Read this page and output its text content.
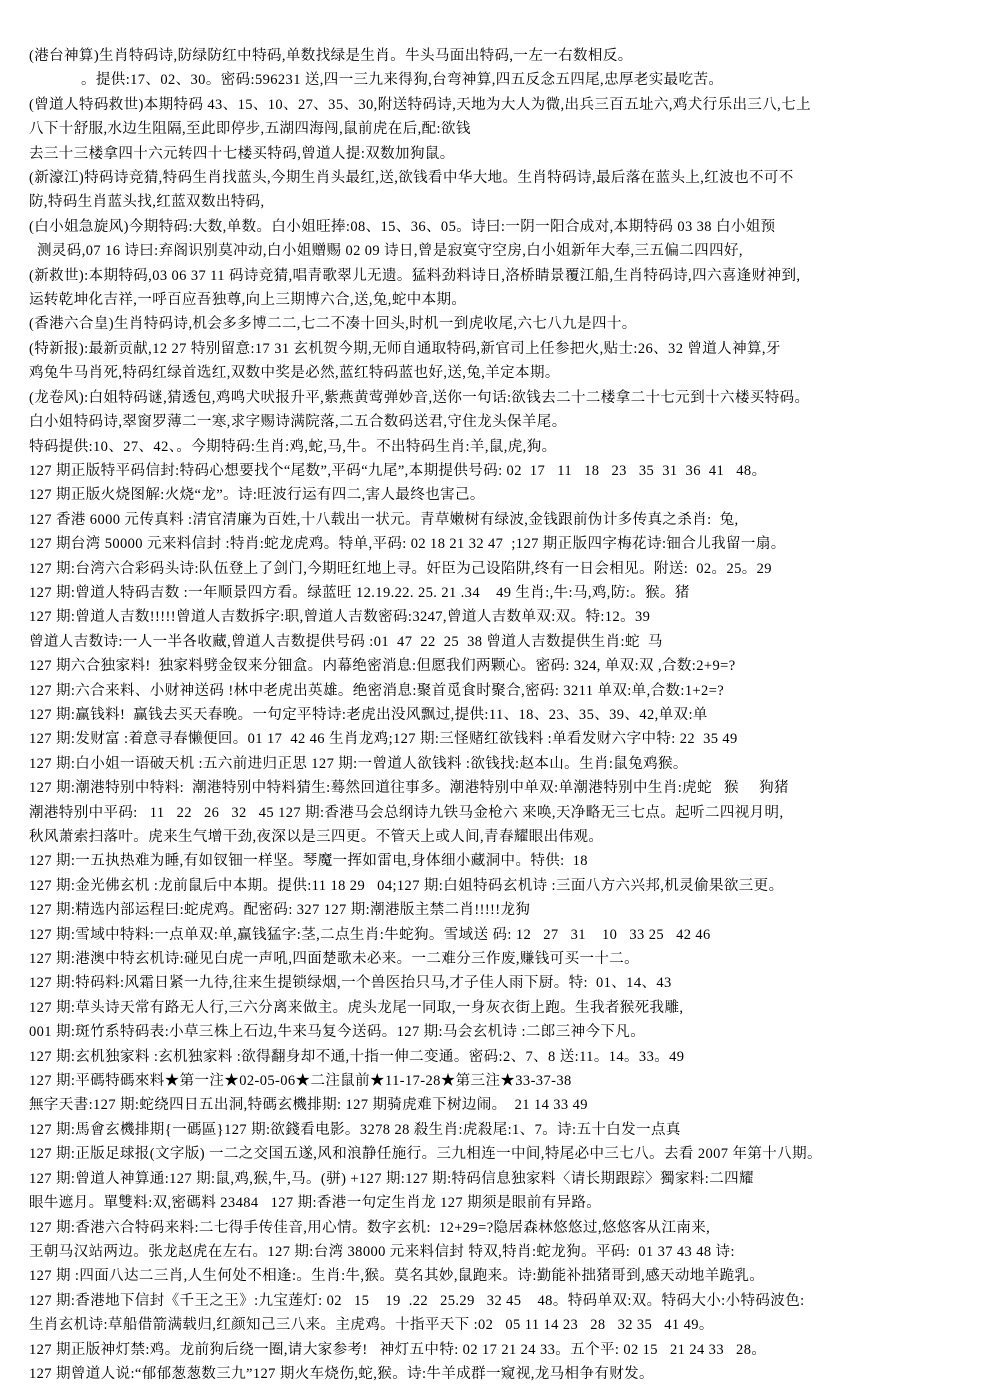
(港台神算)生肖特码诗,防绿防红中特码,单数找绿是生肖。牛头马面出特码,一左一右数相反。
。提供:17、02、30。密码:596231 送,四一三九来得狗,台弯神算,四五反念五四尾,忠厚老实最吃苦。
(曾道人特码救世)本期特码 43、15、10、27、35、30,附送特码诗,天地为大人为微,出兵三百五址六,鸡犬行乐出三八,七上
八下十舒服,水边生阻隔,至此即停步,五湖四海闯,鼠前虎在后,配:欲钱
去三十三楼拿四十六元转四十七楼买特码,曾道人提:双数加狗鼠。
(新濠江)特码诗竞猜,特码生肖找蓝头,今期生肖头最红,送,欲钱看中华大地。生肖特码诗,最后落在蓝头上,红波也不可不
防,特码生肖蓝头找,红蓝双数出特码,
(白小姐急旋风)今期特码:大数,单数。白小姐旺捧:08、15、36、05。诗曰:一阴一阳合成对,本期特码 03 38 白小姐预
测灵码,07 16 诗曰:弃阁识别莫冲动,白小姐赠赐 02 09 诗日,曾是寂寞守空房,白小姐新年大奉,三五偏二四四好,
(新救世):本期特码,03 06 37 11 码诗竞猜,唱青歌翠儿无遗。猛料劲料诗日,洛桥睛景覆江船,生肖特码诗,四六喜逢财神到,
运转乾坤化吉祥,一呼百应吾独尊,向上三期博六合,送,兔,蛇中本期。
(香港六合皇)生肖特码诗,机会多多博二二,七二不凑十回头,时机一到虎收尾,六七八九是四十。
(特新报):最新贡献,12 27 特别留意:17 31 玄机贺今期,无师自通取特码,新官司上任参把火,贴士:26、32 曾道人神算,牙
鸡兔牛马肖死,特码红绿首选红,双数中奖是必然,蓝红特码蓝也好,送,兔,羊定本期。
(龙卷风):白姐特码谜,猜透包,鸡鸣犬吠报升平,紫燕黄莺弹妙音,送你一句话:欲钱去二十二楼拿二十七元到十六楼买特码。
白小姐特码诗,翠窗罗薄二一寒,求字赐诗满院落,二五合数码送君,守住龙头保羊尾。
特码提供:10、27、42、。今期特码:生肖:鸡,蛇,马,牛。不出特码生肖:羊,鼠,虎,狗。
127 期正版特平码信封:特码心想要找个“尾数”,平码“九尾”,本期提供号码: 02  17   11   18   23   35  31  36  41   48。
127 期正版火烧图解:火烧“龙”。诗:旺波行运有四二,害人最终也害己。
127 香港 6000 元传真料 :清官清廉为百姓,十八载出一状元。青草嫩树有绿波,金钱跟前伪计多传真之杀肖:  兔,
127 期台湾 50000 元来料信封 :特肖:蛇龙虎鸡。特单,平码: 02 18 21 32 47  ;127 期正版四字梅花诗:钿合儿我留一扇。
127 期:台湾六合彩码头诗:队伍登上了剑门,今期旺红地上寻。奸臣为己设陷阱,终有一日会相见。附送:  02。25。29
127 期:曾道人特码吉数 :一年顺景四方看。绿蓝旺 12.19.22. 25. 21 .34    49 生肖:,牛:马,鸡,防:。猴。猪
127 期:曾道人吉数!!!!!曾道人吉数拆字:职,曾道人吉数密码:3247,曾道人吉数单双:双。特:12。39
曾道人吉数诗:一人一半各收藏,曾道人吉数提供号码 :01  47  22  25  38 曾道人吉数提供生肖:蛇  马
127 期六合独家料!  独家料劈金钗来分钿盒。内幕绝密消息:但愿我们两颗心。密码: 324, 单双:双 ,合数:2+9=?
127 期:六合来料、小财神送码 !林中老虎出英雄。绝密消息:聚首觅食时聚合,密码: 3211 单双:单,合数:1+2=?
127 期:赢钱料!  赢钱去买天春晚。一句定平特诗:老虎出没风飘过,提供:11、18、23、35、39、42,单双:单
127 期:发财富 :着意寻春懒便回。01 17  42 46 生肖龙鸡;127 期:三怪赌红欲钱料 :单看发财六字中特: 22  35 49
127 期:白小姐一语破天机 :五六前进归正思 127 期:一曾道人欲钱料 :欲钱找:赵本山。生肖:鼠兔鸡猴。
127 期:潮港特别中特料:  潮港特别中特料猜生:蓦然回道往事多。潮港特别中单双:单潮港特别中生肖:虎蛇   猴     狗猪
潮港特别中平码:   11   22   26   32   45 127 期:香港马会总纲诗九铁马金枪六 来唤,天净略无三七点。起听二四视月明,
秋风萧索扫落叶。虎来生气增干劲,夜深以是三四更。不管天上或人间,青春耀眼出伟观。
127 期:一五执热难为睡,有如钗钿一样坚。琴魔一挥如雷电,身体细小藏洞中。特供:  18
127 期:金光佛玄机 :龙前鼠后中本期。提供:11 18 29   04;127 期:白姐特码玄机诗 :三面八方六兴邦,机灵偷果欲三更。
127 期:精选内部运程曰:蛇虎鸡。配密码: 327 127 期:潮港版主禁二肖!!!!!龙狗
127 期:雪域中特料:一点单双:单,赢钱猛字:茎,二点生肖:牛蛇狗。雪域送 码: 12   27   31    10   33 25   42 46
127 期:港澳中特玄机诗:碰见白虎一声吼,四面楚歌未必来。一二难分三作废,赚钱可买一十二。
127 期:特码料:风霜日紧一九待,往来生提锁绿烟,一个兽医抬只马,才子佳人雨下厨。特:  01、14、43
127 期:草头诗天常有路无人行,三六分离来做主。虎头龙尾一同取,一身灰衣街上跑。生我者猴死我雕,
001 期:斑竹系特码表:小草三株上石边,牛来马复今送码。127 期:马会玄机诗 :二郎三神今下凡。
127 期:玄机独家料 :玄机独家料 :欲得翻身却不通,十指一伸二变通。密码:2、7、8 送:11。14。33。49
127 期:平碼特碼來料★第一注★02-05-06★二注鼠前★11-17-28★第三注★33-37-38
無字天書:127 期:蛇绕四日五出洞,特碼玄機排期: 127 期骑虎难下树边闹。  21 14 33 49
127 期:馬會玄機排期{一碼區}127 期:欲錢看电影。3278 28 殺生肖:虎殺尾:1、7。诗:五十白发一点真
127 期:正版足球报(文字版) 一二之交国五遂,风和浪静任施行。三九相连一中间,特尾必中三七八。去看 2007 年第十八期。
127 期:曾道人神算通:127 期:鼠,鸡,猴,牛,马。(骈) +127 期:127 期:特码信息独家料〈请长期跟踪〉獨家料:二四耀
眼牛遮月。單雙料:双,密碼料 23484   127 期:香港一句定生肖龙 127 期须是眼前有异路。
127 期:香港六合特码来料:二七得手传佳音,用心情。数字玄机:  12+29=?隐居森林悠悠过,悠悠客从江南来,
王朝马汉站两边。张龙赵虎在左右。127 期:台湾 38000 元来料信封 特双,特肖:蛇龙狗。平码:  01 37 43 48 诗:
127 期 :四面八达二三肖,人生何处不相逢:。生肖:牛,猴。莫名其妙,鼠跑来。诗:勤能补拙猪哥到,感天动地羊跪乳。
127 期:香港地下信封《千王之王》:九宝莲灯: 02   15    19  .22   25.29   32 45    48。特码单双:双。特码大小:小特码波色:
生肖玄机诗:草船借箭满载归,红颜知己三八来。主虎鸡。十指平天下 :02   05 11 14 23   28   32 35   41 49。
127 期正版神灯禁:鸡。龙前狗后绕一圈,请大家参考!   神灯五中特: 02 17 21 24 33。五个平: 02 15   21 24 33   28。
127 期曾道人说:“郁郁葱葱数三九”127 期火车烧伤,蛇,猴。诗:牛羊成群一窥视,龙马相争有财发。
